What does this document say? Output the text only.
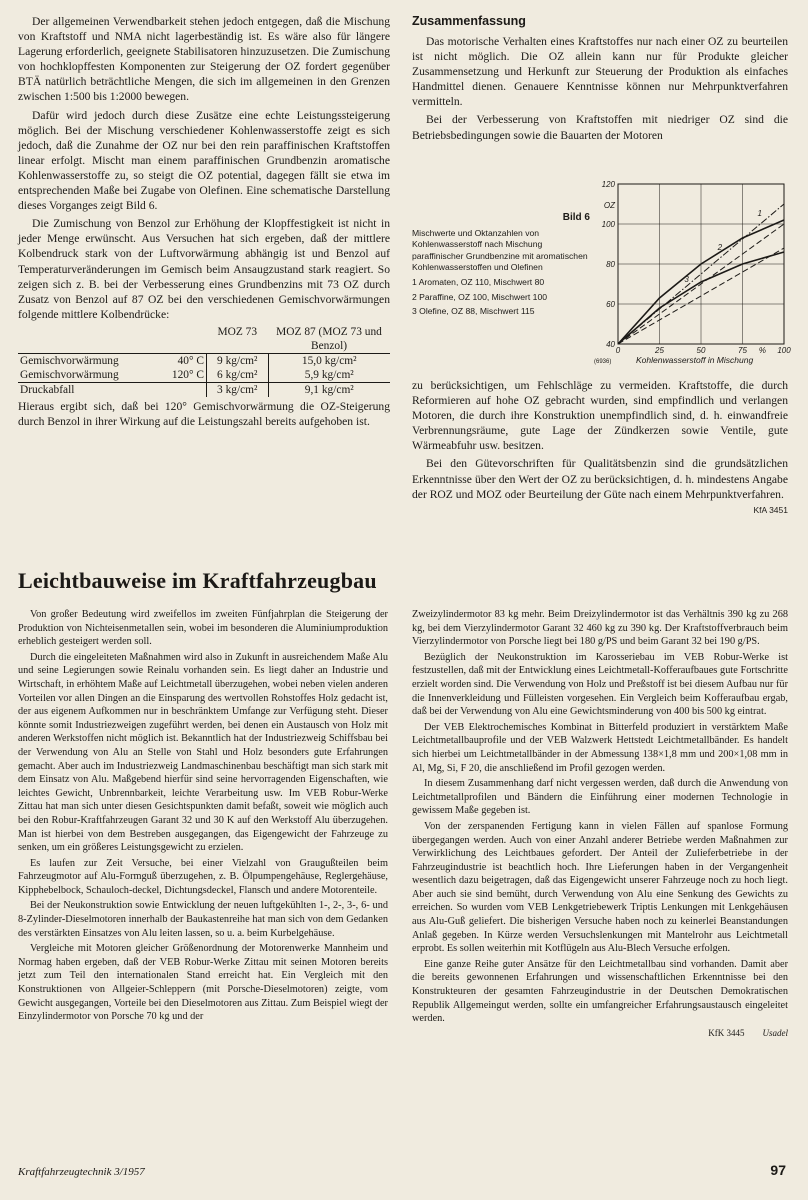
Der allgemeinen Verwendbarkeit stehen jedoch entgegen, daß die Mischung von Kraftstoff und NMA nicht lagerbeständig ist. Es wäre also für längere Lagerung erforderlich, geeignete Stabilisatoren hinzuzusetzen. Die Zumischung von hochklopffesten Komponenten zur Steigerung der OZ fordert gegenüber BTÄ natürlich beträchtliche Mengen, die sich im allgemeinen in den Grenzen zwischen 1:500 bis 1:2000 bewegen.

Dafür wird jedoch durch diese Zusätze eine echte Leistungssteigerung möglich. Bei der Mischung verschiedener Kohlenwasserstoffe zeigt es sich jedoch, daß die Zunahme der OZ nur bei den rein paraffinischen Kraftstoffen linear erfolgt. Mischt man einem paraffinischen Grundbenzin aromatische Kohlenwasserstoffe zu, so steigt die OZ potential, dagegen fällt sie etwa im entsprechenden Maße bei Zugabe von Olefinen. Eine schematische Darstellung dieses Vorganges zeigt Bild 6.

Die Zumischung von Benzol zur Erhöhung der Klopffestigkeit ist nicht in jeder Menge erwünscht. Aus Versuchen hat sich ergeben, daß der mittlere Kolbendruck stark von der Luftvorwärmung abhängig ist und Benzol auf Temperaturveränderungen im Gemisch beim Ansaugzustand stark reagiert. So zeigen sich z. B. bei der Verbesserung eines Grundbenzins mit 73 OZ durch Zusatz von Benzol auf 87 OZ bei den verschiedenen Gemischvorwärmungen folgende mittlere Kolbendrücke:

		MOZ 73	MOZ 87 (MOZ 73 und Benzol)
Gemischvorwärmung	40° C	9 kg/cm²	15,0 kg/cm²
Gemischvorwärmung	120° C	6 kg/cm²	5,9 kg/cm²
Druckabfall		3 kg/cm²	9,1 kg/cm²

Hieraus ergibt sich, daß bei 120° Gemischvorwärmung die OZ-Steigerung durch Benzol in ihrer Wirkung auf die Leistungszahl bereits aufgehoben ist.

Zusammenfassung

Das motorische Verhalten eines Kraftstoffes nur nach einer OZ zu beurteilen ist nicht möglich. Die OZ allein kann nur für Produkte gleicher Zusammensetzung und Herkunft zur Steuerung der Produktion als einfaches Handmittel dienen. Genauere Kenntnisse können nur Mehrpunktverfahren vermitteln.

Bei der Verbesserung von Kraftstoffen mit niedriger OZ sind die Betriebsbedingungen sowie die Bauarten der Motoren

Bild 6
Mischwerte und Oktanzahlen von Kohlenwasserstoff nach Mischung paraffinischer Grundbenzine mit aromatischen Kohlenwasserstoffen und Olefinen
1 Aromaten, OZ 110, Mischwert 80
2 Paraffine, OZ 100, Mischwert 100
3 Olefine, OZ 88, Mischwert 115
40
60
80
100
120
0	25	50	75	100
%
OZ
Kohlenwasserstoff in Mischung
(6936)
1
2
3

zu berücksichtigen, um Fehlschläge zu vermeiden. Kraftstoffe, die durch Reformieren auf hohe OZ gebracht wurden, sind empfindlich und verlangen Motoren, die durch ihre Konstruktion unempfindlich sind, d. h. einwandfreie Verbrennungsräume, gute Lage der Zündkerzen sowie Ventile, gute Wärmeabfuhr usw. besitzen.

Bei den Gütevorschriften für Qualitätsbenzin sind die grundsätzlichen Erkenntnisse über den Wert der OZ zu berücksichtigen, d. h. mindestens Angabe der ROZ und MOZ oder Beurteilung der Güte nach einem Mehrpunktverfahren.

KfA 3451
Leichtbauweise im Kraftfahrzeugbau

Von großer Bedeutung wird zweifellos im zweiten Fünfjahrplan die Steigerung der Produktion von Nichteisenmetallen sein, wobei im besonderen die Aluminiumproduktion erheblich gesteigert werden soll.

Durch die eingeleiteten Maßnahmen wird also in Zukunft in ausreichendem Maße Alu und seine Legierungen sowie Reinalu vorhanden sein. Es liegt daher an Industrie und Wirtschaft, in erhöhtem Maße auf Leichtmetall überzugehen, wobei neben vielen anderen Vorteilen vor allen Dingen an die Einsparung des wertvollen Rohstoffes Holz gedacht ist, der aus eigenem Aufkommen nur in beschränktem Umfange zur Verfügung steht. Dieser könnte somit Industriezweigen zugeführt werden, bei denen ein Austausch von Holz mit anderen Werkstoffen nicht möglich ist. Bekanntlich hat der Industriezweig Schiffsbau bei der Verwendung von Alu an Stelle von Stahl und Holz besonders gute Erfahrungen gemacht. Aber auch im Industriezweig Landmaschinenbau beschäftigt man sich stark mit dem Einsatz von Alu. Maßgebend hierfür sind seine hervorragenden Eigenschaften, wie leichtes Gewicht, Unbrennbarkeit, leichte Verarbeitung usw. Im VEB Robur-Werke Zittau hat man sich unter diesen Gesichtspunkten damit befaßt, soweit wie möglich auch bei den Robur-Kraftfahrzeugen Garant 32 und 30 K auf den Werkstoff Alu überzugehen. Man ist hierbei von dem Bestreben ausgegangen, das Eigengewicht der Fahrzeuge zu senken, um ein größeres Leistungsgewicht zu erzielen.

Es laufen zur Zeit Versuche, bei einer Vielzahl von Graugußteilen beim Fahrzeugmotor auf Alu-Formguß überzugehen, z. B. Ölpumpengehäuse, Reglergehäuse, Kipphebelbock, Schauloch-deckel, Dichtungsdeckel, Flansch und andere Motorenteile.

Bei der Neukonstruktion sowie Entwicklung der neuen luftgekühlten 1-, 2-, 3-, 6- und 8-Zylinder-Dieselmotoren innerhalb der Baukastenreihe hat man sich von dem Gedanken des verstärkten Einsatzes von Alu leiten lassen, so u. a. beim Kurbelgehäuse.

Vergleiche mit Motoren gleicher Größenordnung der Motorenwerke Mannheim und Normag haben ergeben, daß der VEB Robur-Werke Zittau mit seinen Motoren bereits jetzt zum Teil den internationalen Stand erreicht hat. Ein Vergleich mit den Konstruktionen von Allgeier-Schleppern (mit Porsche-Dieselmotoren) zeigte, vom Gewicht ausgegangen, Vorteile bei den Dieselmotoren aus Zittau. Zum Beispiel wiegt der Einzylindermotor von Porsche 70 kg und der

Zweizylindermotor 83 kg mehr. Beim Dreizylindermotor ist das Verhältnis 390 kg zu 268 kg, bei dem Vierzylindermotor Garant 32 460 kg zu 390 kg. Der Kraftstoffverbrauch beim Vierzylindermotor von Porsche liegt bei 180 g/PS und beim Garant 32 bei 190 g/PS.

Bezüglich der Neukonstruktion im Karosseriebau im VEB Robur-Werke ist festzustellen, daß mit der Entwicklung eines Leichtmetall-Kofferaufbaues gute Fortschritte erzielt worden sind. Die Verwendung von Holz und Preßstoff ist bei diesem Aufbau nur für die Innenverkleidung und Fülleisten vorgesehen. Ein Vergleich beim Kofferaufbau ergab, daß bei der Verwendung von Alu eine Gewichtsminderung von 400 bis 500 kg eintrat.

Der VEB Elektrochemisches Kombinat in Bitterfeld produziert in verstärktem Maße Leichtmetallbauprofile und der VEB Walzwerk Hettstedt Leichtmetallbänder. Es handelt sich hierbei um Leichtmetallbänder in der Abmessung 138×1,8 mm und 200×1,08 mm in Al, Mg, Si, F 20, die anschließend im Profil gezogen werden.

In diesem Zusammenhang darf nicht vergessen werden, daß durch die Anwendung von Leichtmetallprofilen und Bändern die Einführung einer modernen Technologie in gewissem Maße gegeben ist.

Von der zerspanenden Fertigung kann in vielen Fällen auf spanlose Formung übergegangen werden. Auch von einer Anzahl anderer Betriebe werden Maßnahmen zur Verwirklichung des Leichtbaues gefordert. Der Anteil der Zulieferbetriebe in der Fahrzeugindustrie ist beachtlich hoch. Ihre Lieferungen haben in der Vergangenheit wesentlich dazu beigetragen, daß das Eigengewicht unserer Fahrzeuge noch zu hoch liegt. Aber auch sie sind bemüht, durch Verwendung von Alu eine Senkung des Gewichts zu erreichen. So wurden vom VEB Lenkgetriebewerk Triptis Lenkungen mit Lenkgehäusen aus Alu-Guß geliefert. Die bisherigen Versuche haben noch zu keinerlei Beanstandungen Anlaß gegeben. In Kürze werden Versuchslenkungen mit Mantelrohr aus Leichtmetall erprobt. Es sollen weiterhin mit Kotflügeln aus Alu-Blech Versuche erfolgen.

Eine ganze Reihe guter Ansätze für den Leichtmetallbau sind vorhanden. Damit aber die bereits gewonnenen Erfahrungen und wissenschaftlichen Erkenntnisse bei den Konstrukteuren der gesamten Fahrzeugindustrie in der Deutschen Demokratischen Republik Allgemeingut werden, sollte ein umfangreicher Erfahrungsaustausch eingeleitet werden.

KfK 3445 Usadel
Kraftfahrzeugtechnik 3/1957	97
